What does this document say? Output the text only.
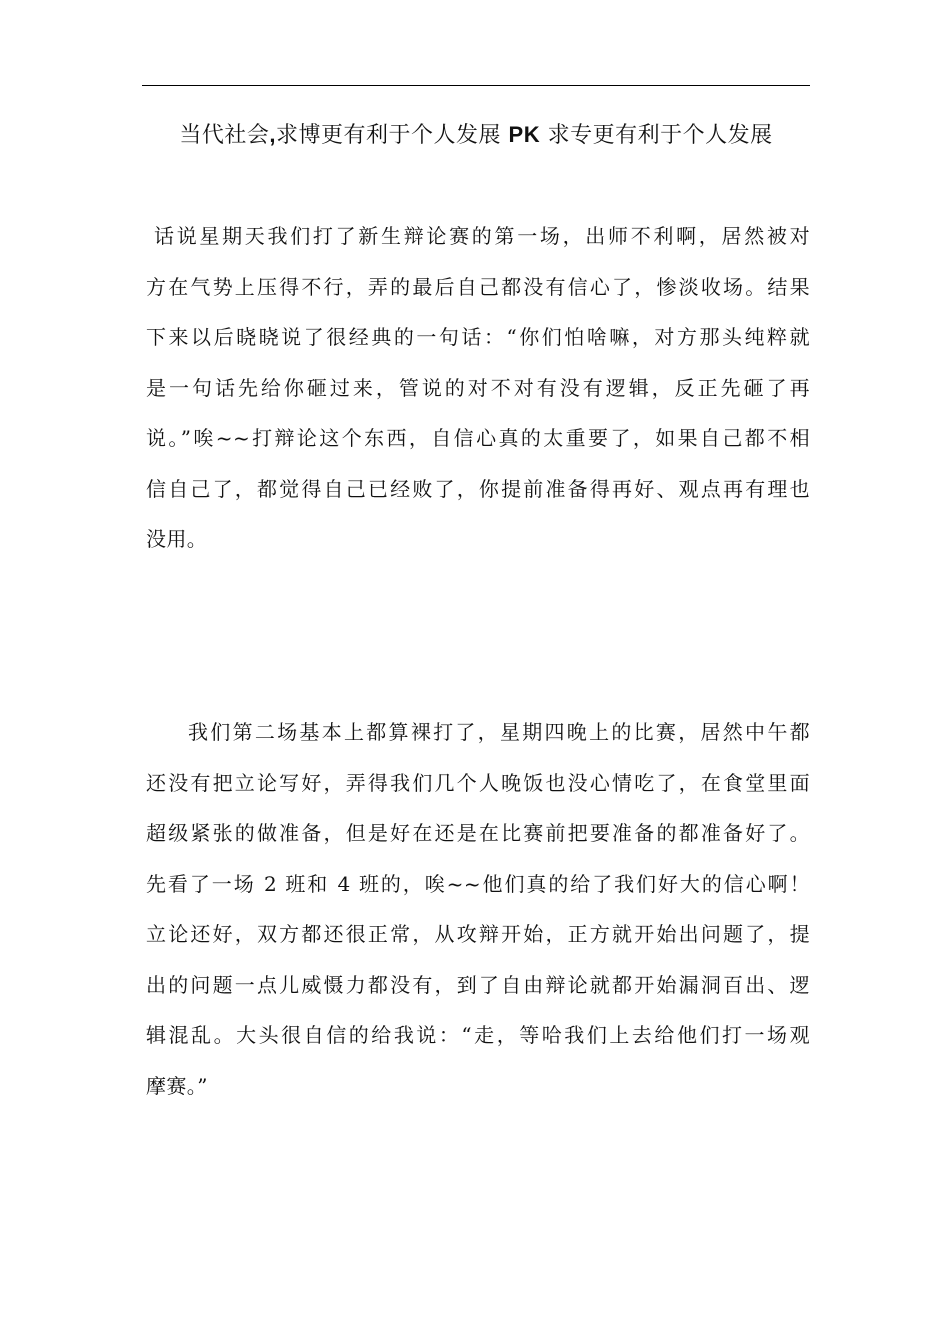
当代社会,求博更有利于个人发展 PK 求专更有利于个人发展
话说星期天我们打了新生辩论赛的第一场，出师不利啊，居然被对
方在气势上压得不行，弄的最后自己都没有信心了，惨淡收场。结果
下来以后晓晓说了很经典的一句话：“你们怕啥嘛，对方那头纯粹就
是一句话先给你砸过来，管说的对不对有没有逻辑，反正先砸了再
说。”唉~~打辩论这个东西，自信心真的太重要了，如果自己都不相
信自己了，都觉得自己已经败了，你提前准备得再好、观点再有理也
没用。
我们第二场基本上都算裸打了，星期四晚上的比赛，居然中午都
还没有把立论写好，弄得我们几个人晚饭也没心情吃了，在食堂里面
超级紧张的做准备，但是好在还是在比赛前把要准备的都准备好了。
先看了一场 2 班和 4 班的，唉~~他们真的给了我们好大的信心啊！
立论还好，双方都还很正常，从攻辩开始，正方就开始出问题了，提
出的问题一点儿威慑力都没有，到了自由辩论就都开始漏洞百出、逻
辑混乱。大头很自信的给我说：“走，等哈我们上去给他们打一场观
摩赛。”
